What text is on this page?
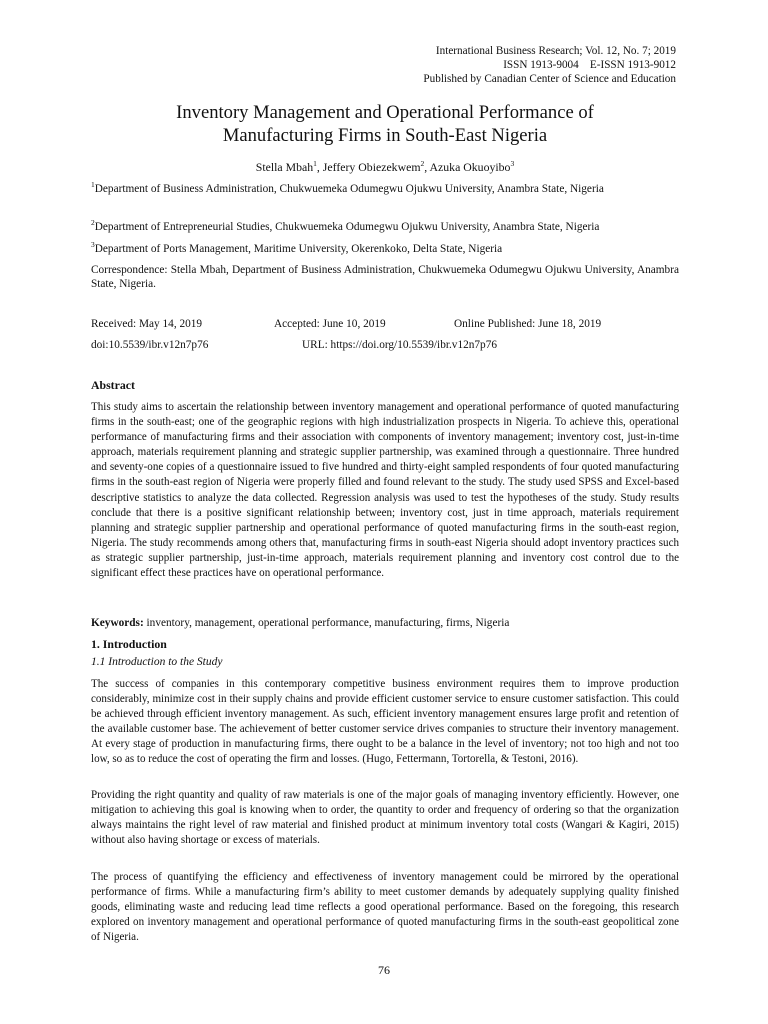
International Business Research; Vol. 12, No. 7; 2019
ISSN 1913-9004    E-ISSN 1913-9012
Published by Canadian Center of Science and Education
Inventory Management and Operational Performance of
Manufacturing Firms in South-East Nigeria
Stella Mbah$^1$, Jeffery Obiezekwem$^2$, Azuka Okuoyibo$^3$
$^1$Department of Business Administration, Chukwuemeka Odumegwu Ojukwu University, Anambra State, Nigeria
$^2$Department of Entrepreneurial Studies, Chukwuemeka Odumegwu Ojukwu University, Anambra State, Nigeria
$^3$Department of Ports Management, Maritime University, Okerenkoko, Delta State, Nigeria
Correspondence: Stella Mbah, Department of Business Administration, Chukwuemeka Odumegwu Ojukwu University, Anambra State, Nigeria.
Received: May 14, 2019	Accepted: June 10, 2019	Online Published: June 18, 2019
doi:10.5539/ibr.v12n7p76	URL: https://doi.org/10.5539/ibr.v12n7p76
Abstract

This study aims to ascertain the relationship between inventory management and operational performance of quoted manufacturing firms in the south-east; one of the geographic regions with high industrialization prospects in Nigeria. To achieve this, operational performance of manufacturing firms and their association with components of inventory management; inventory cost, just-in-time approach, materials requirement planning and strategic supplier partnership, was examined through a questionnaire. Three hundred and seventy-one copies of a questionnaire issued to five hundred and thirty-eight sampled respondents of four quoted manufacturing firms in the south-east region of Nigeria were properly filled and found relevant to the study. The study used SPSS and Excel-based descriptive statistics to analyze the data collected. Regression analysis was used to test the hypotheses of the study. Study results conclude that there is a positive significant relationship between; inventory cost, just in time approach, materials requirement planning and strategic supplier partnership and operational performance of quoted manufacturing firms in the south-east region, Nigeria. The study recommends among others that, manufacturing firms in south-east Nigeria should adopt inventory practices such as strategic supplier partnership, just-in-time approach, materials requirement planning and inventory cost control due to the significant effect these practices have on operational performance.

Keywords: inventory, management, operational performance, manufacturing, firms, Nigeria
1. Introduction
1.1 Introduction to the Study

The success of companies in this contemporary competitive business environment requires them to improve production considerably, minimize cost in their supply chains and provide efficient customer service to ensure customer satisfaction. This could be achieved through efficient inventory management. As such, efficient inventory management ensures large profit and retention of the available customer base. The achievement of better customer service drives companies to structure their inventory management. At every stage of production in manufacturing firms, there ought to be a balance in the level of inventory; not too high and not too low, so as to reduce the cost of operating the firm and losses. (Hugo, Fettermann, Tortorella, & Testoni, 2016).

Providing the right quantity and quality of raw materials is one of the major goals of managing inventory efficiently. However, one mitigation to achieving this goal is knowing when to order, the quantity to order and frequency of ordering so that the organization always maintains the right level of raw material and finished product at minimum inventory total costs (Wangari & Kagiri, 2015) without also having shortage or excess of materials.

The process of quantifying the efficiency and effectiveness of inventory management could be mirrored by the operational performance of firms. While a manufacturing firm’s ability to meet customer demands by adequately supplying quality finished goods, eliminating waste and reducing lead time reflects a good operational performance. Based on the foregoing, this research explored on inventory management and operational performance of quoted manufacturing firms in the south-east geopolitical zone of Nigeria.

76
